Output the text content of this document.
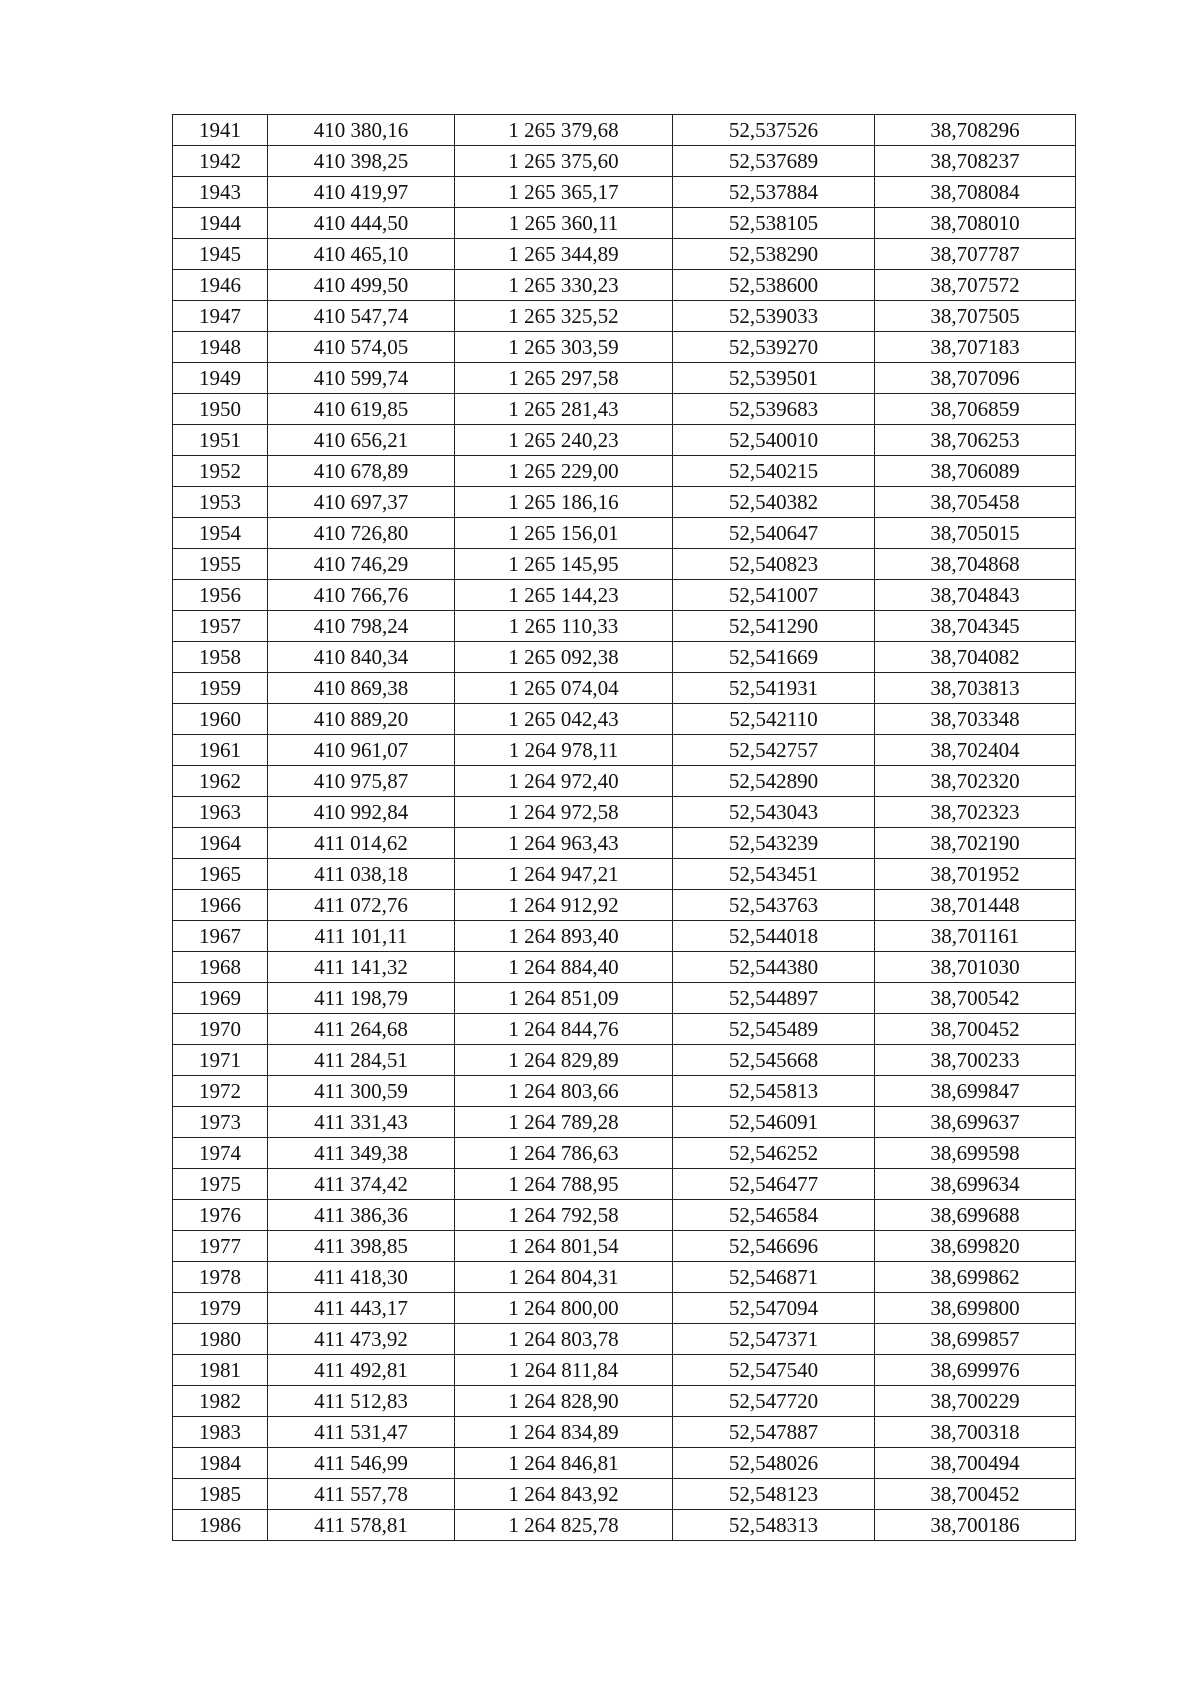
1941	410 380,16	1 265 379,68	52,537526	38,708296
1942	410 398,25	1 265 375,60	52,537689	38,708237
1943	410 419,97	1 265 365,17	52,537884	38,708084
1944	410 444,50	1 265 360,11	52,538105	38,708010
1945	410 465,10	1 265 344,89	52,538290	38,707787
1946	410 499,50	1 265 330,23	52,538600	38,707572
1947	410 547,74	1 265 325,52	52,539033	38,707505
1948	410 574,05	1 265 303,59	52,539270	38,707183
1949	410 599,74	1 265 297,58	52,539501	38,707096
1950	410 619,85	1 265 281,43	52,539683	38,706859
1951	410 656,21	1 265 240,23	52,540010	38,706253
1952	410 678,89	1 265 229,00	52,540215	38,706089
1953	410 697,37	1 265 186,16	52,540382	38,705458
1954	410 726,80	1 265 156,01	52,540647	38,705015
1955	410 746,29	1 265 145,95	52,540823	38,704868
1956	410 766,76	1 265 144,23	52,541007	38,704843
1957	410 798,24	1 265 110,33	52,541290	38,704345
1958	410 840,34	1 265 092,38	52,541669	38,704082
1959	410 869,38	1 265 074,04	52,541931	38,703813
1960	410 889,20	1 265 042,43	52,542110	38,703348
1961	410 961,07	1 264 978,11	52,542757	38,702404
1962	410 975,87	1 264 972,40	52,542890	38,702320
1963	410 992,84	1 264 972,58	52,543043	38,702323
1964	411 014,62	1 264 963,43	52,543239	38,702190
1965	411 038,18	1 264 947,21	52,543451	38,701952
1966	411 072,76	1 264 912,92	52,543763	38,701448
1967	411 101,11	1 264 893,40	52,544018	38,701161
1968	411 141,32	1 264 884,40	52,544380	38,701030
1969	411 198,79	1 264 851,09	52,544897	38,700542
1970	411 264,68	1 264 844,76	52,545489	38,700452
1971	411 284,51	1 264 829,89	52,545668	38,700233
1972	411 300,59	1 264 803,66	52,545813	38,699847
1973	411 331,43	1 264 789,28	52,546091	38,699637
1974	411 349,38	1 264 786,63	52,546252	38,699598
1975	411 374,42	1 264 788,95	52,546477	38,699634
1976	411 386,36	1 264 792,58	52,546584	38,699688
1977	411 398,85	1 264 801,54	52,546696	38,699820
1978	411 418,30	1 264 804,31	52,546871	38,699862
1979	411 443,17	1 264 800,00	52,547094	38,699800
1980	411 473,92	1 264 803,78	52,547371	38,699857
1981	411 492,81	1 264 811,84	52,547540	38,699976
1982	411 512,83	1 264 828,90	52,547720	38,700229
1983	411 531,47	1 264 834,89	52,547887	38,700318
1984	411 546,99	1 264 846,81	52,548026	38,700494
1985	411 557,78	1 264 843,92	52,548123	38,700452
1986	411 578,81	1 264 825,78	52,548313	38,700186
